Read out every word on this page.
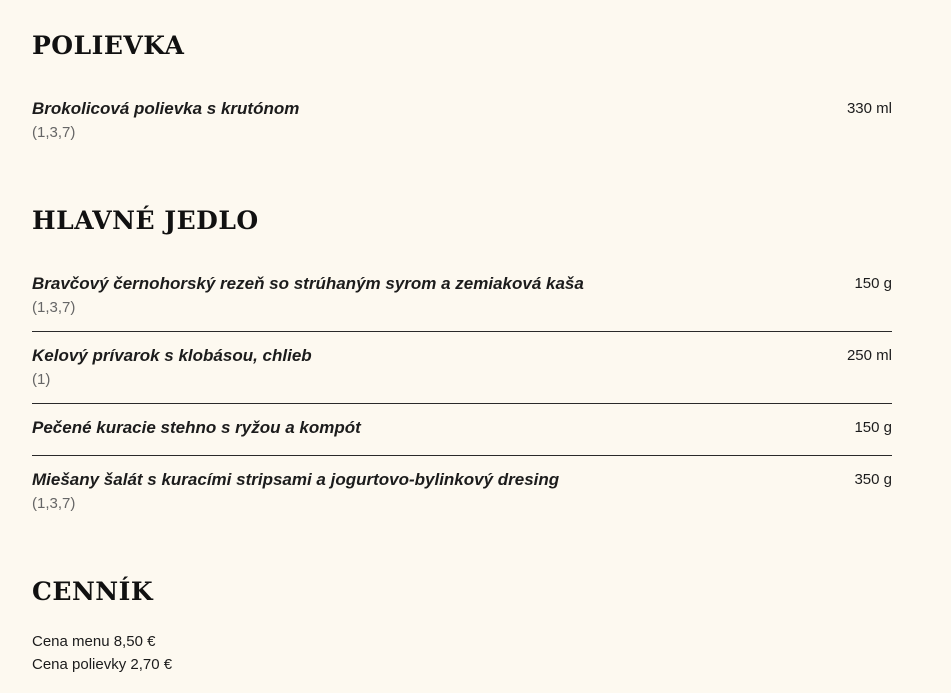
POLIEVKA
Brokolicová polievka s krutónom	330 ml
(1,3,7)
HLAVNÉ JEDLO
Bravčový černohorský rezeň so strúhaným syrom a zemiaková kaša	150 g
(1,3,7)
Kelový prívarok s klobásou, chlieb	250 ml
(1)
Pečené kuracie stehno s ryžou a kompót	150 g
Miešany šalát s kuracími stripsami a jogurtovo-bylinkový dresing	350 g
(1,3,7)
CENNÍK
Cena menu 8,50 €
Cena polievky 2,70 €
